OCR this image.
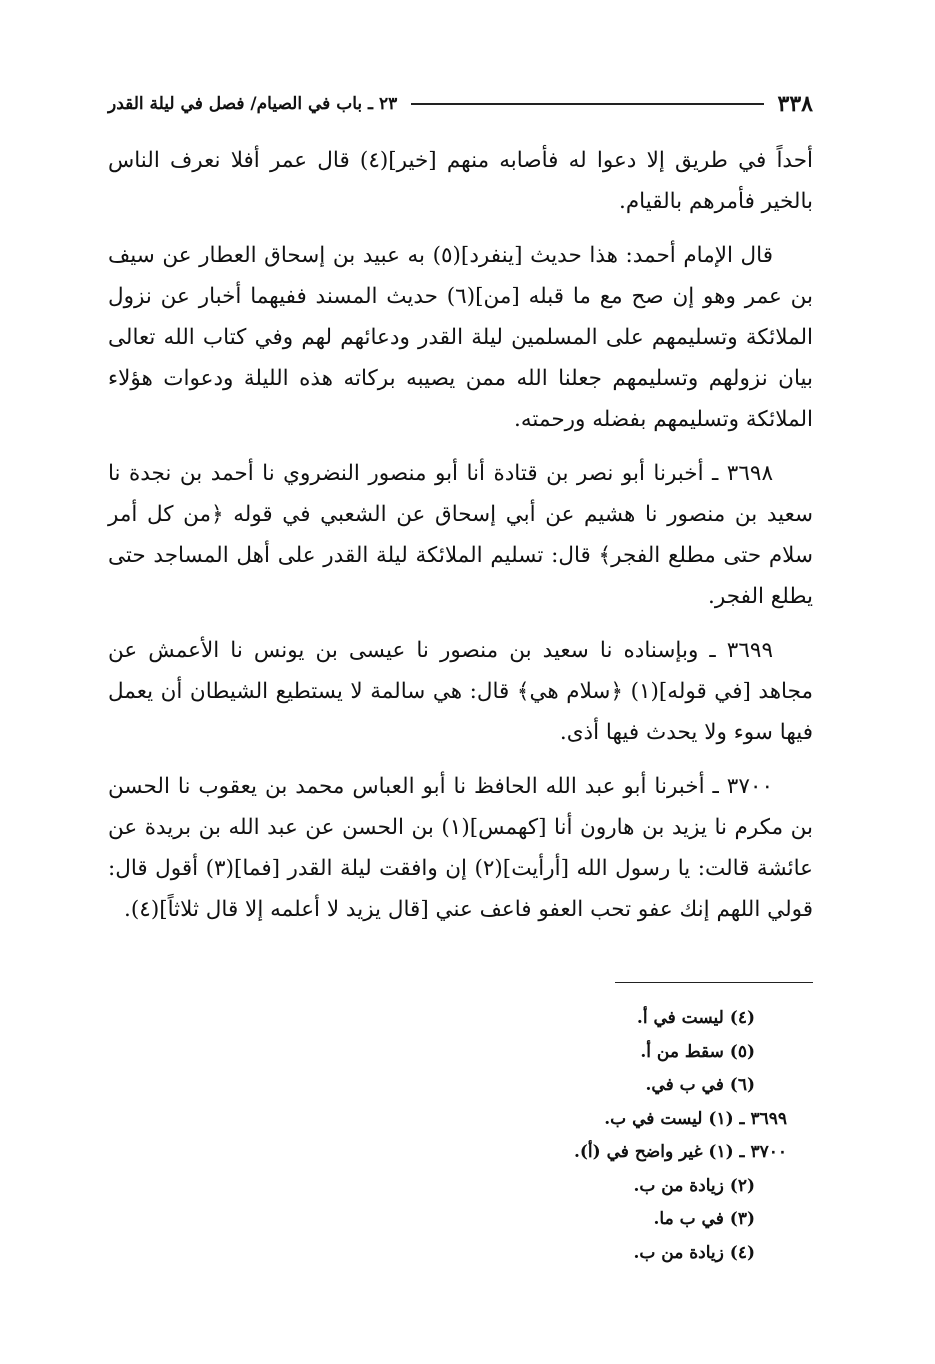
٣٣٨
٢٣ ـ باب في الصيام/ فصل في ليلة القدر

أحداً في طريق إلا دعوا له فأصابه منهم [خير](٤) قال عمر أفلا نعرف الناس بالخير فأمرهم بالقيام.

قال الإمام أحمد: هذا حديث [ينفرد](٥) به عبيد بن إسحاق العطار عن سيف بن عمر وهو إن صح مع ما قبله [من](٦) حديث المسند ففيهما أخبار عن نزول الملائكة وتسليمهم على المسلمين ليلة القدر ودعائهم لهم وفي كتاب الله تعالى بيان نزولهم وتسليمهم جعلنا الله ممن يصيبه بركاته هذه الليلة ودعوات هؤلاء الملائكة وتسليمهم بفضله ورحمته.

٣٦٩٨ ـ أخبرنا أبو نصر بن قتادة أنا أبو منصور النضروي نا أحمد بن نجدة نا سعيد بن منصور نا هشيم عن أبي إسحاق عن الشعبي في قوله ﴿من كل أمر سلام حتى مطلع الفجر﴾ قال: تسليم الملائكة ليلة القدر على أهل المساجد حتى يطلع الفجر.

٣٦٩٩ ـ وبإسناده نا سعيد بن منصور نا عيسى بن يونس نا الأعمش عن مجاهد [في قوله](١) ﴿سلام هي﴾ قال: هي سالمة لا يستطيع الشيطان أن يعمل فيها سوء ولا يحدث فيها أذى.

٣٧٠٠ ـ أخبرنا أبو عبد الله الحافظ نا أبو العباس محمد بن يعقوب نا الحسن بن مكرم نا يزيد بن هارون أنا [كهمس](١) بن الحسن عن عبد الله بن بريدة عن عائشة قالت: يا رسول الله [أرأيت](٢) إن وافقت ليلة القدر [فما](٣) أقول قال: قولي اللهم إنك عفو تحب العفو فاعف عني [قال يزيد لا أعلمه إلا قال ثلاثاً](٤).

(٤) ليست في أ.
(٥) سقط من أ.
(٦) في ب في.
٣٦٩٩ ـ (١) ليست في ب.
٣٧٠٠ ـ (١) غير واضح في (أ).
(٢) زيادة من ب.
(٣) في ب ما.
(٤) زيادة من ب.
